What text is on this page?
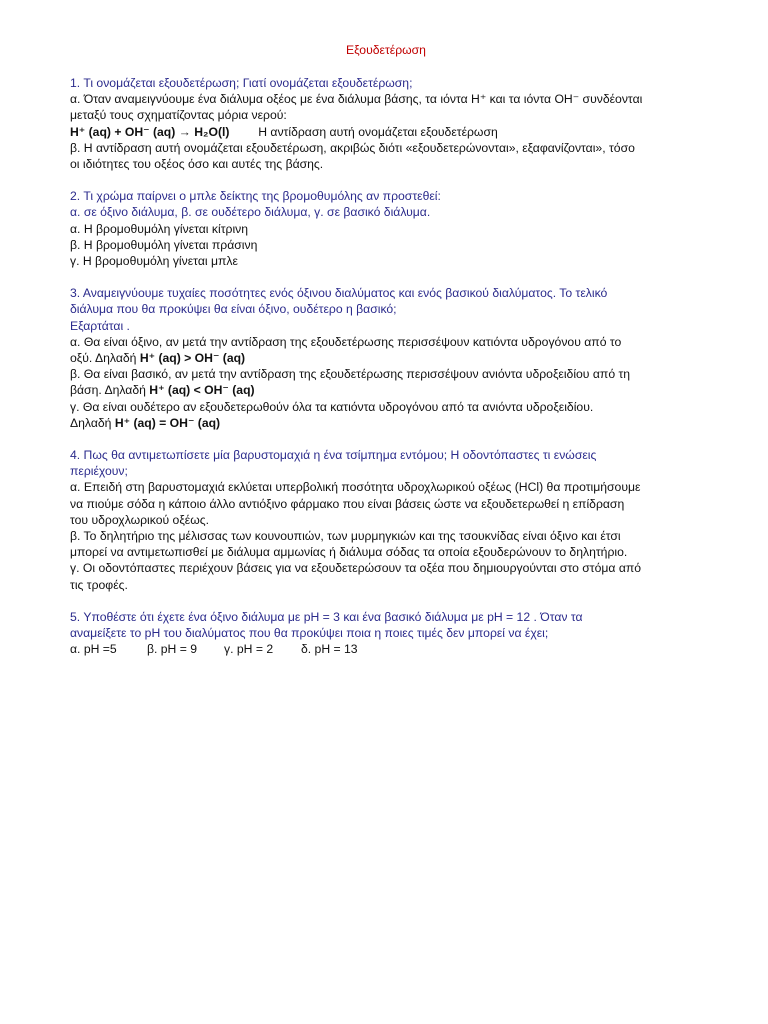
Εξουδετέρωση
1. Τι ονομάζεται εξουδετέρωση; Γιατί ονομάζεται εξουδετέρωση;
α. Όταν αναμειγνύουμε ένα διάλυμα οξέος με ένα διάλυμα βάσης, τα ιόντα Η⁺ και τα ιόντα ΟΗ⁻ συνδέονται
μεταξύ τους σχηματίζοντας μόρια νερού:
Η⁺ (aq) + OH⁻ (aq) → H₂O(l) Η αντίδραση αυτή ονομάζεται εξουδετέρωση
β. Η αντίδραση αυτή ονομάζεται εξουδετέρωση, ακριβώς διότι «εξουδετερώνονται», εξαφανίζονται», τόσο
οι ιδιότητες του οξέος όσο και αυτές της βάσης.
2. Τι χρώμα παίρνει ο μπλε δείκτης της βρομοθυμόλης αν προστεθεί:
α. σε όξινο διάλυμα, β. σε ουδέτερο διάλυμα, γ. σε βασικό διάλυμα.
α. Η βρομοθυμόλη γίνεται κίτρινη
β. Η βρομοθυμόλη γίνεται πράσινη
γ. Η βρομοθυμόλη γίνεται μπλε
3. Αναμειγνύουμε τυχαίες ποσότητες ενός όξινου διαλύματος και ενός βασικού διαλύματος. Το τελικό
διάλυμα που θα προκύψει θα είναι όξινο, ουδέτερο η βασικό;
Εξαρτάται .
α. Θα είναι όξινο, αν μετά την αντίδραση της εξουδετέρωσης περισσέψουν κατιόντα υδρογόνου από το
οξύ. Δηλαδή Η⁺ (aq) > OH⁻ (aq)
β. Θα είναι βασικό, αν μετά την αντίδραση της εξουδετέρωσης περισσέψουν ανιόντα υδροξειδίου από τη
βάση. Δηλαδή Η⁺ (aq) < OH⁻ (aq)
γ. Θα είναι ουδέτερο αν εξουδετερωθούν όλα τα κατιόντα υδρογόνου από τα ανιόντα υδροξειδίου.
Δηλαδή Η⁺ (aq) = OH⁻ (aq)
4. Πως θα αντιμετωπίσετε μία βαρυστομαχιά η ένα τσίμπημα εντόμου; Η οδοντόπαστες τι ενώσεις
περιέχουν;
α. Επειδή στη βαρυστομαχιά εκλύεται υπερβολική ποσότητα υδροχλωρικού οξέως (HCl) θα προτιμήσουμε
να πιούμε σόδα η κάποιο άλλο αντιόξινο φάρμακο που είναι βάσεις ώστε να εξουδετερωθεί η επίδραση
του υδροχλωρικού οξέως.
β. Το δηλητήριο της μέλισσας των κουνουπιών, των μυρμηγκιών και της τσουκνίδας είναι όξινο και έτσι
μπορεί να αντιμετωπισθεί με διάλυμα αμμωνίας ή διάλυμα σόδας τα οποία εξουδερώνουν το δηλητήριο.
γ. Οι οδοντόπαστες περιέχουν βάσεις για να εξουδετερώσουν τα οξέα που δημιουργούνται στο στόμα από
τις τροφές.
5. Υποθέστε ότι έχετε ένα όξινο διάλυμα με pH = 3 και ένα βασικό διάλυμα με pH = 12 . Όταν τα
αναμείξετε το pH του διαλύματος που θα προκύψει ποια η ποιες τιμές δεν μπορεί να έχει;
α. pH =5 β. pH = 9 γ. pH = 2 δ. pH = 13
